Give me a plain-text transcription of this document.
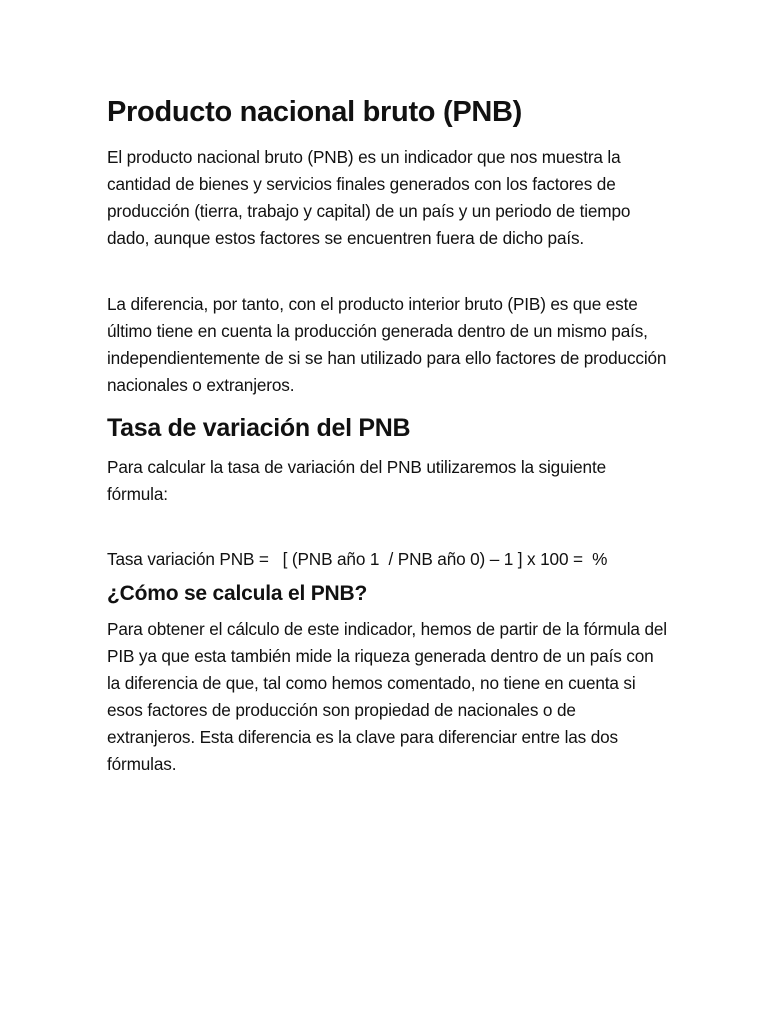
Producto nacional bruto (PNB)

El producto nacional bruto (PNB) es un indicador que nos muestra la cantidad de bienes y servicios finales generados con los factores de producción (tierra, trabajo y capital) de un país y un periodo de tiempo dado, aunque estos factores se encuentren fuera de dicho país.

La diferencia, por tanto, con el producto interior bruto (PIB) es que este último tiene en cuenta la producción generada dentro de un mismo país, independientemente de si se han utilizado para ello factores de producción nacionales o extranjeros.

Tasa de variación del PNB

Para calcular la tasa de variación del PNB utilizaremos la siguiente fórmula:

Tasa variación PNB =   [ (PNB año 1  / PNB año 0) – 1 ] x 100 =  %

¿Cómo se calcula el PNB?

Para obtener el cálculo de este indicador, hemos de partir de la fórmula del PIB ya que esta también mide la riqueza generada dentro de un país con la diferencia de que, tal como hemos comentado, no tiene en cuenta si esos factores de producción son propiedad de nacionales o de extranjeros. Esta diferencia es la clave para diferenciar entre las dos fórmulas.
